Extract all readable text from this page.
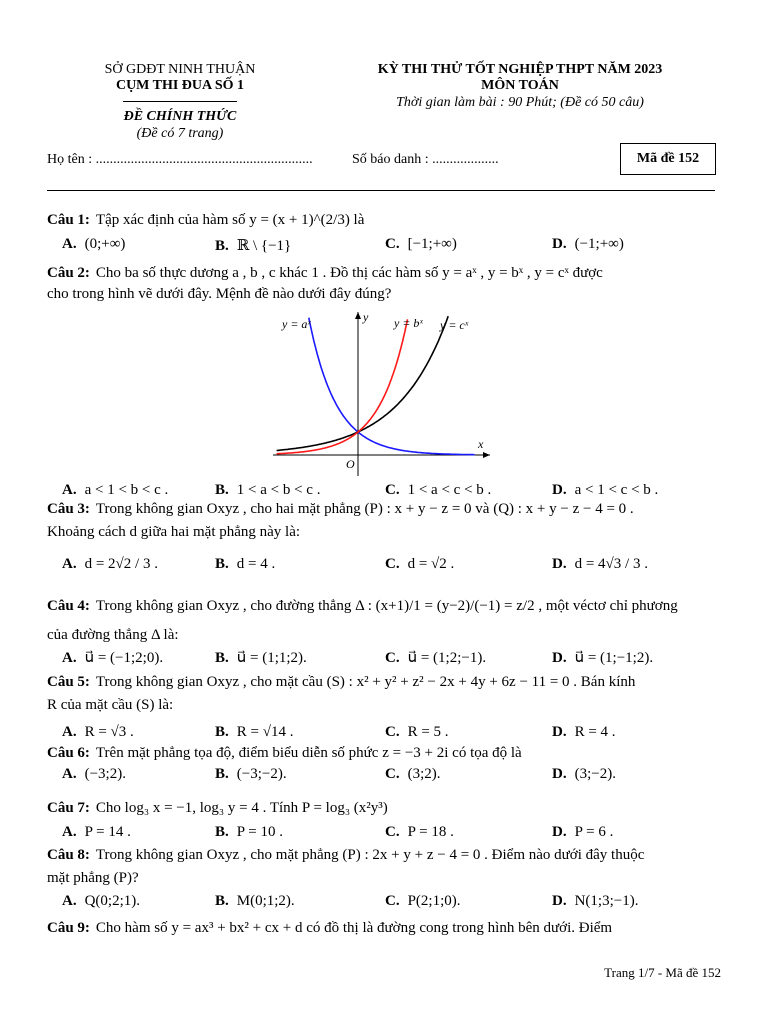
SỞ GDĐT NINH THUẬN
CỤM THI ĐUA SỐ 1
ĐỀ CHÍNH THỨC
(Đề có 7 trang)
KỲ THI THỬ TỐT NGHIỆP THPT NĂM 2023
MÔN TOÁN
Thời gian làm bài : 90 Phút; (Đề có 50 câu)
Họ tên : ..............................................................	Số báo danh : ...................	Mã đề 152
Câu 1: Tập xác định của hàm số y = (x + 1)^(2/3) là
A. (0;+∞)	B. ℝ \ {−1}	C. [−1;+∞)	D. (−1;+∞)
Câu 2: Cho ba số thực dương a , b , c khác 1 . Đồ thị các hàm số y = aˣ , y = bˣ , y = cˣ được
cho trong hình vẽ dưới đây. Mệnh đề nào dưới đây đúng?
A. a < 1 < b < c .	B. 1 < a < b < c .	C. 1 < a < c < b .	D. a < 1 < c < b .
Câu 3: Trong không gian Oxyz , cho hai mặt phẳng (P) : x + y − z = 0 và (Q) : x + y − z − 4 = 0 .
Khoảng cách d giữa hai mặt phẳng này là:
A. d = 2√2 / 3 .	B. d = 4 .	C. d = √2 .	D. d = 4√3 / 3 .
Câu 4: Trong không gian Oxyz , cho đường thẳng Δ : (x+1)/1 = (y−2)/(−1) = z/2 , một véctơ chỉ phương
của đường thẳng Δ là:
A. u⃗ = (−1;2;0).	B. u⃗ = (1;1;2).	C. u⃗ = (1;2;−1).	D. u⃗ = (1;−1;2).
Câu 5: Trong không gian Oxyz , cho mặt cầu (S) : x² + y² + z² − 2x + 4y + 6z − 11 = 0 . Bán kính
R của mặt cầu (S) là:
A. R = √3 .	B. R = √14 .	C. R = 5 .	D. R = 4 .
Câu 6: Trên mặt phẳng tọa độ, điểm biểu diễn số phức z = −3 + 2i có tọa độ là
A. (−3;2).	B. (−3;−2).	C. (3;2).	D. (3;−2).
Câu 7: Cho log₃ x = −1, log₃ y = 4 . Tính P = log₃ (x²y³)
A. P = 14 .	B. P = 10 .	C. P = 18 .	D. P = 6 .
Câu 8: Trong không gian Oxyz , cho mặt phẳng (P) : 2x + y + z − 4 = 0 . Điểm nào dưới đây thuộc
mặt phẳng (P)?
A. Q(0;2;1).	B. M(0;1;2).	C. P(2;1;0).	D. N(1;3;−1).
Câu 9: Cho hàm số y = ax³ + bx² + cx + d có đồ thị là đường cong trong hình bên dưới. Điểm
y = aˣ	y = bˣ y = cˣ
y
x
O
Trang 1/7 - Mã đề 152
